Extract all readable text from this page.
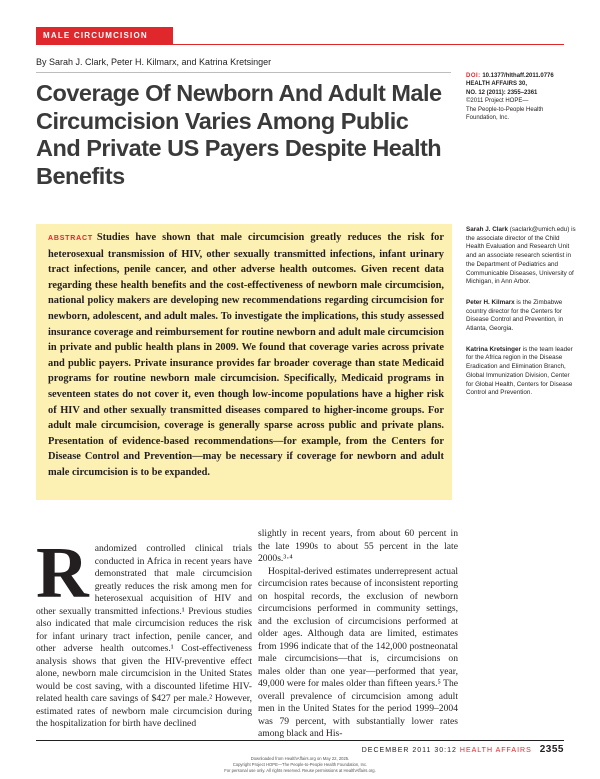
MALE CIRCUMCISION
By Sarah J. Clark, Peter H. Kilmarx, and Katrina Kretsinger
Coverage Of Newborn And Adult Male Circumcision Varies Among Public And Private US Payers Despite Health Benefits
DOI: 10.1377/hlthaff.2011.0776
HEALTH AFFAIRS 30,
NO. 12 (2011): 2355–2361
©2011 Project HOPE—
The People-to-People Health
Foundation, Inc.

ABSTRACT Studies have shown that male circumcision greatly reduces the risk for heterosexual transmission of HIV, other sexually transmitted infections, infant urinary tract infections, penile cancer, and other adverse health outcomes. Given recent data regarding these health benefits and the cost-effectiveness of newborn male circumcision, national policy makers are developing new recommendations regarding circumcision for newborn, adolescent, and adult males. To investigate the implications, this study assessed insurance coverage and reimbursement for routine newborn and adult male circumcision in private and public health plans in 2009. We found that coverage varies across private and public payers. Private insurance provides far broader coverage than state Medicaid programs for routine newborn male circumcision. Specifically, Medicaid programs in seventeen states do not cover it, even though low-income populations have a higher risk of HIV and other sexually transmitted diseases compared to higher-income groups. For adult male circumcision, coverage is generally sparse across public and private plans. Presentation of evidence-based recommendations—for example, from the Centers for Disease Control and Prevention—may be necessary if coverage for newborn and adult male circumcision is to be expanded.

Sarah J. Clark (saclark@umich.edu) is the associate director of the Child Health Evaluation and Research Unit and an associate research scientist in the Department of Pediatrics and Communicable Diseases, University of Michigan, in Ann Arbor.

Peter H. Kilmarx is the Zimbabwe country director for the Centers for Disease Control and Prevention, in Atlanta, Georgia.

Katrina Kretsinger is the team leader for the Africa region in the Disease Eradication and Elimination Branch, Global Immunization Division, Center for Global Health, Centers for Disease Control and Prevention.

Randomized controlled clinical trials conducted in Africa in recent years have demonstrated that male circumcision greatly reduces the risk among men for heterosexual acquisition of HIV and other sexually transmitted infections.¹ Previous studies also indicated that male circumcision reduces the risk for infant urinary tract infection, penile cancer, and other adverse health outcomes.¹ Cost-effectiveness analysis shows that given the HIV-preventive effect alone, newborn male circumcision in the United States would be cost saving, with a discounted lifetime HIV-related health care savings of $427 per male.² However, estimated rates of newborn male circumcision during the hospitalization for birth have declined

slightly in recent years, from about 60 percent in the late 1990s to about 55 percent in the late 2000s.³·⁴

Hospital-derived estimates underrepresent actual circumcision rates because of inconsistent reporting on hospital records, the exclusion of newborn circumcisions performed in community settings, and the exclusion of circumcisions performed at older ages. Although data are limited, estimates from 1996 indicate that of the 142,000 postneonatal male circumcisions—that is, circumcisions on males older than one year—performed that year, 49,000 were for males older than fifteen years.⁵ The overall prevalence of circumcision among adult men in the United States for the period 1999–2004 was 79 percent, with substantially lower rates among black and His-

DECEMBER 2011 30:12 HEALTH AFFAIRS 2355
Downloaded from HealthAffairs.org on May 22, 2025.
Copyright Project HOPE—The People-to-People Health Foundation, Inc.
For personal use only. All rights reserved. Reuse permissions at HealthAffairs.org.
